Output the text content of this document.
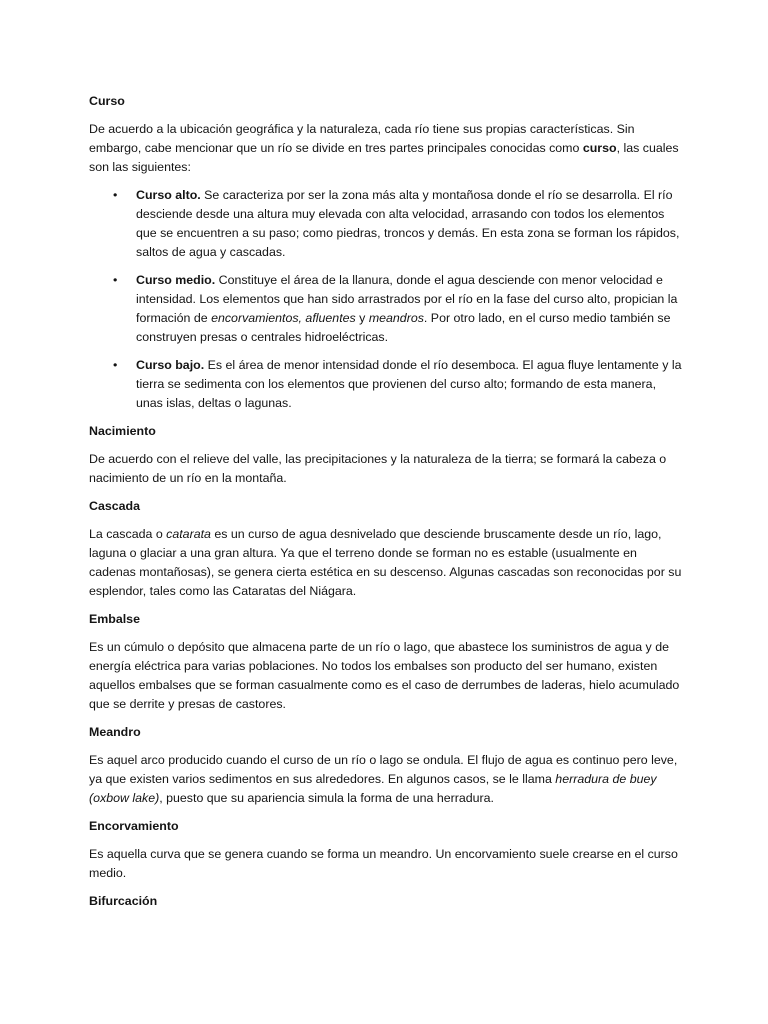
Curso

De acuerdo a la ubicación geográfica y la naturaleza, cada río tiene sus propias características. Sin embargo, cabe mencionar que un río se divide en tres partes principales conocidas como curso, las cuales son las siguientes:

• Curso alto. Se caracteriza por ser la zona más alta y montañosa donde el río se desarrolla. El río desciende desde una altura muy elevada con alta velocidad, arrasando con todos los elementos que se encuentren a su paso; como piedras, troncos y demás. En esta zona se forman los rápidos, saltos de agua y cascadas.
• Curso medio. Constituye el área de la llanura, donde el agua desciende con menor velocidad e intensidad. Los elementos que han sido arrastrados por el río en la fase del curso alto, propician la formación de encorvamientos, afluentes y meandros. Por otro lado, en el curso medio también se construyen presas o centrales hidroeléctricas.
• Curso bajo. Es el área de menor intensidad donde el río desemboca. El agua fluye lentamente y la tierra se sedimenta con los elementos que provienen del curso alto; formando de esta manera, unas islas, deltas o lagunas.

Nacimiento

De acuerdo con el relieve del valle, las precipitaciones y la naturaleza de la tierra; se formará la cabeza o nacimiento de un río en la montaña.

Cascada

La cascada o catarata es un curso de agua desnivelado que desciende bruscamente desde un río, lago, laguna o glaciar a una gran altura. Ya que el terreno donde se forman no es estable (usualmente en cadenas montañosas), se genera cierta estética en su descenso. Algunas cascadas son reconocidas por su esplendor, tales como las Cataratas del Niágara.

Embalse

Es un cúmulo o depósito que almacena parte de un río o lago, que abastece los suministros de agua y de energía eléctrica para varias poblaciones. No todos los embalses son producto del ser humano, existen aquellos embalses que se forman casualmente como es el caso de derrumbes de laderas, hielo acumulado que se derrite y presas de castores.

Meandro

Es aquel arco producido cuando el curso de un río o lago se ondula. El flujo de agua es continuo pero leve, ya que existen varios sedimentos en sus alrededores. En algunos casos, se le llama herradura de buey (oxbow lake), puesto que su apariencia simula la forma de una herradura.

Encorvamiento

Es aquella curva que se genera cuando se forma un meandro. Un encorvamiento suele crearse en el curso medio.

Bifurcación
